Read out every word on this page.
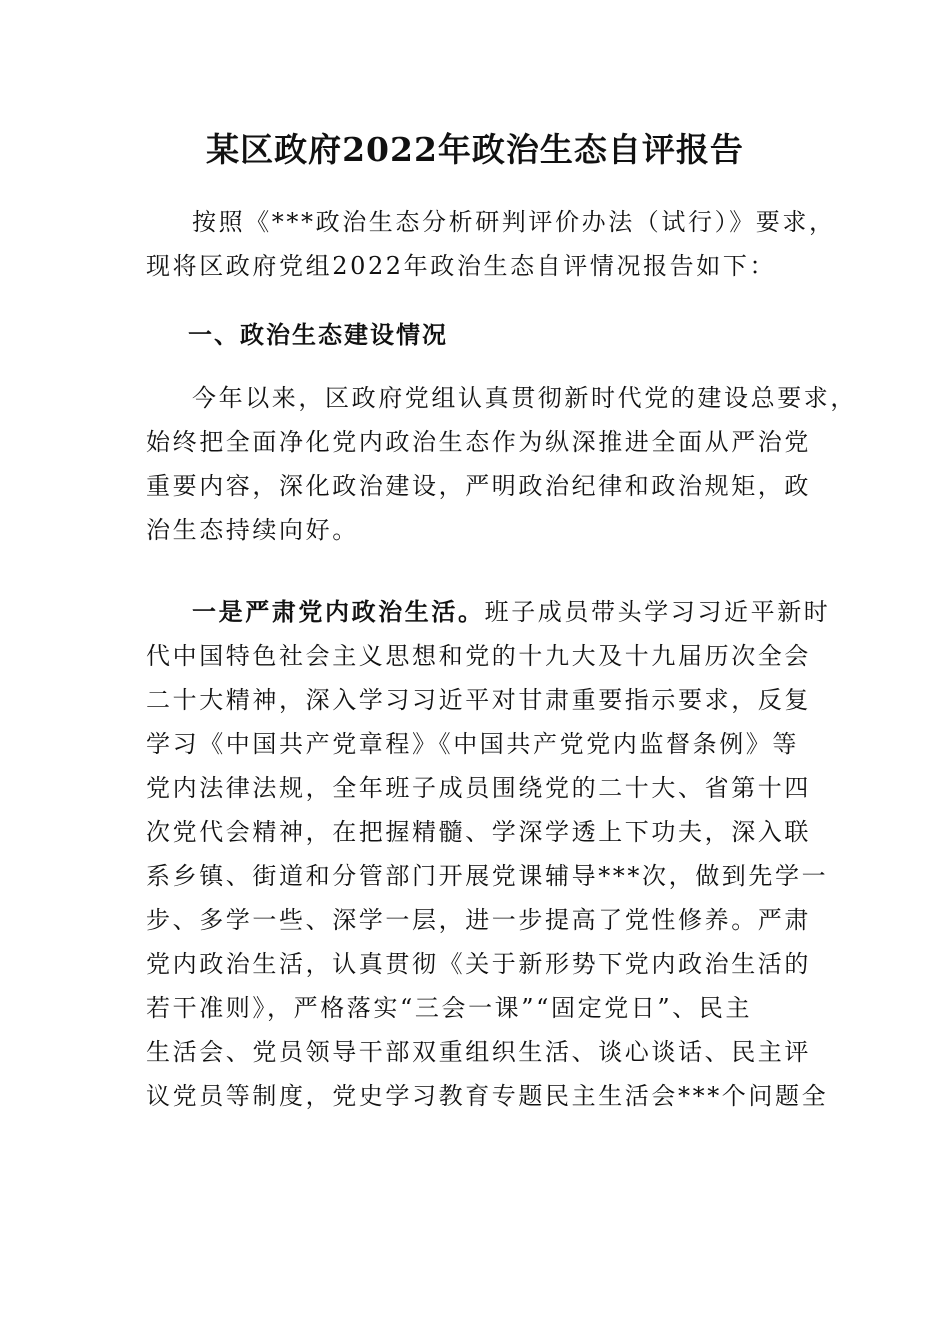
某区政府2022年政治生态自评报告
按照《***政治生态分析研判评价办法（试行）》要求，
现将区政府党组2022年政治生态自评情况报告如下：
一、政治生态建设情况
今年以来，区政府党组认真贯彻新时代党的建设总要求，
始终把全面净化党内政治生态作为纵深推进全面从严治党
重要内容，深化政治建设，严明政治纪律和政治规矩，政
治生态持续向好。
一是严肃党内政治生活。班子成员带头学习习近平新时
代中国特色社会主义思想和党的十九大及十九届历次全会
二十大精神，深入学习习近平对甘肃重要指示要求，反复
学习《中国共产党章程》《中国共产党党内监督条例》等
党内法律法规，全年班子成员围绕党的二十大、省第十四
次党代会精神，在把握精髓、学深学透上下功夫，深入联
系乡镇、街道和分管部门开展党课辅导***次，做到先学一
步、多学一些、深学一层，进一步提高了党性修养。严肃
党内政治生活，认真贯彻《关于新形势下党内政治生活的
若干准则》，严格落实“三会一课”“固定党日”、民主
生活会、党员领导干部双重组织生活、谈心谈话、民主评
议党员等制度，党史学习教育专题民主生活会***个问题全
